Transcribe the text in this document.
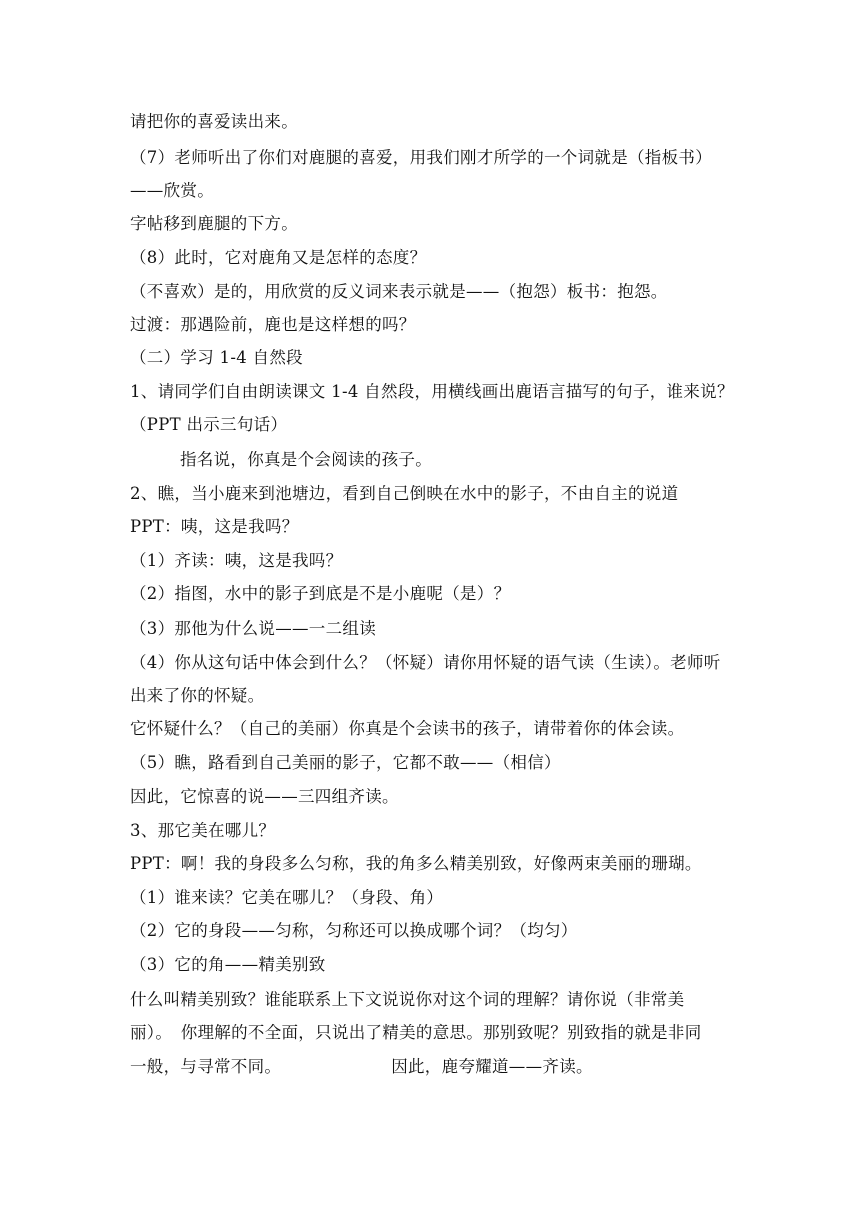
请把你的喜爱读出来。
（7）老师听出了你们对鹿腿的喜爱，用我们刚才所学的一个词就是（指板书）
——欣赏。
字帖移到鹿腿的下方。
（8）此时，它对鹿角又是怎样的态度？
（不喜欢）是的，用欣赏的反义词来表示就是——（抱怨）板书：抱怨。
过渡：那遇险前，鹿也是这样想的吗？
（二）学习 1-4 自然段
1、请同学们自由朗读课文 1-4 自然段，用横线画出鹿语言描写的句子，谁来说？
（PPT 出示三句话）
指名说，你真是个会阅读的孩子。
2、瞧，当小鹿来到池塘边，看到自己倒映在水中的影子，不由自主的说道
PPT：咦，这是我吗？
（1）齐读：咦，这是我吗？
（2）指图，水中的影子到底是不是小鹿呢（是）？
（3）那他为什么说——一二组读
（4）你从这句话中体会到什么？（怀疑）请你用怀疑的语气读（生读）。老师听
出来了你的怀疑。
它怀疑什么？（自己的美丽）你真是个会读书的孩子，请带着你的体会读。
（5）瞧，路看到自己美丽的影子，它都不敢——（相信）
因此，它惊喜的说——三四组齐读。
3、那它美在哪儿？
PPT：啊！我的身段多么匀称，我的角多么精美别致，好像两束美丽的珊瑚。
（1）谁来读？它美在哪儿？（身段、角）
（2）它的身段——匀称，匀称还可以换成哪个词？（均匀）
（3）它的角——精美别致
什么叫精美别致？谁能联系上下文说说你对这个词的理解？请你说（非常美
丽）。　你理解的不全面，只说出了精美的意思。那别致呢？别致指的就是非同
一般，与寻常不同。	因此，鹿夸耀道——齐读。
